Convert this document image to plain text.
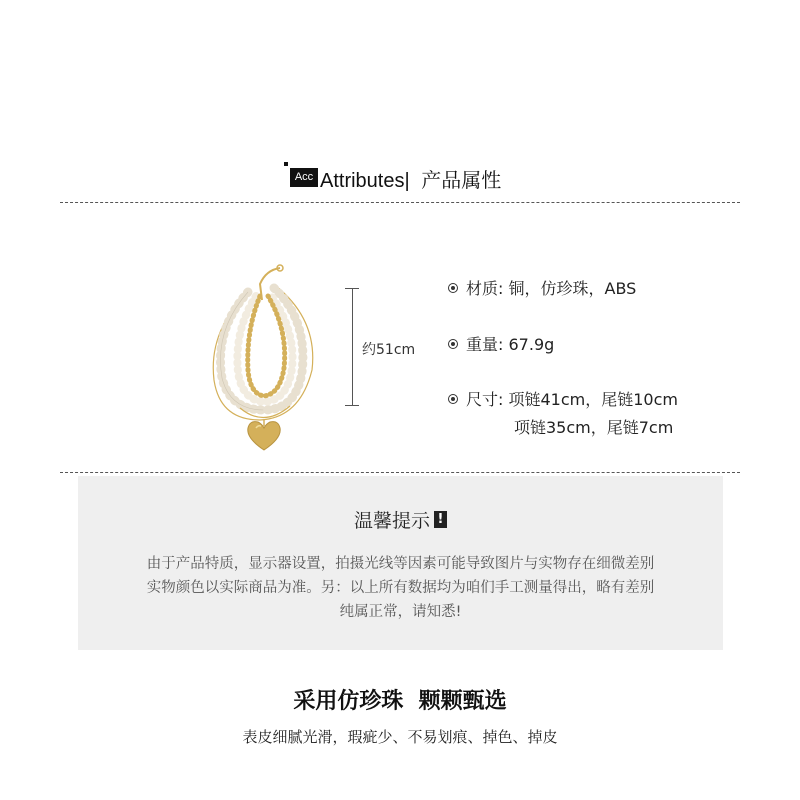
Acc Attributes| 产品属性
约51cm
材质: 铜，仿珍珠，ABS
重量: 67.9g
尺寸: 项链41cm，尾链10cm
项链35cm，尾链7cm
温馨提示 !
由于产品特质，显示器设置，拍摄光线等因素可能导致图片与实物存在细微差别
实物颜色以实际商品为准。另：以上所有数据均为咱们手工测量得出，略有差别
纯属正常，请知悉!
采用仿珍珠  颗颗甄选
表皮细腻光滑，瑕疵少、不易划痕、掉色、掉皮
